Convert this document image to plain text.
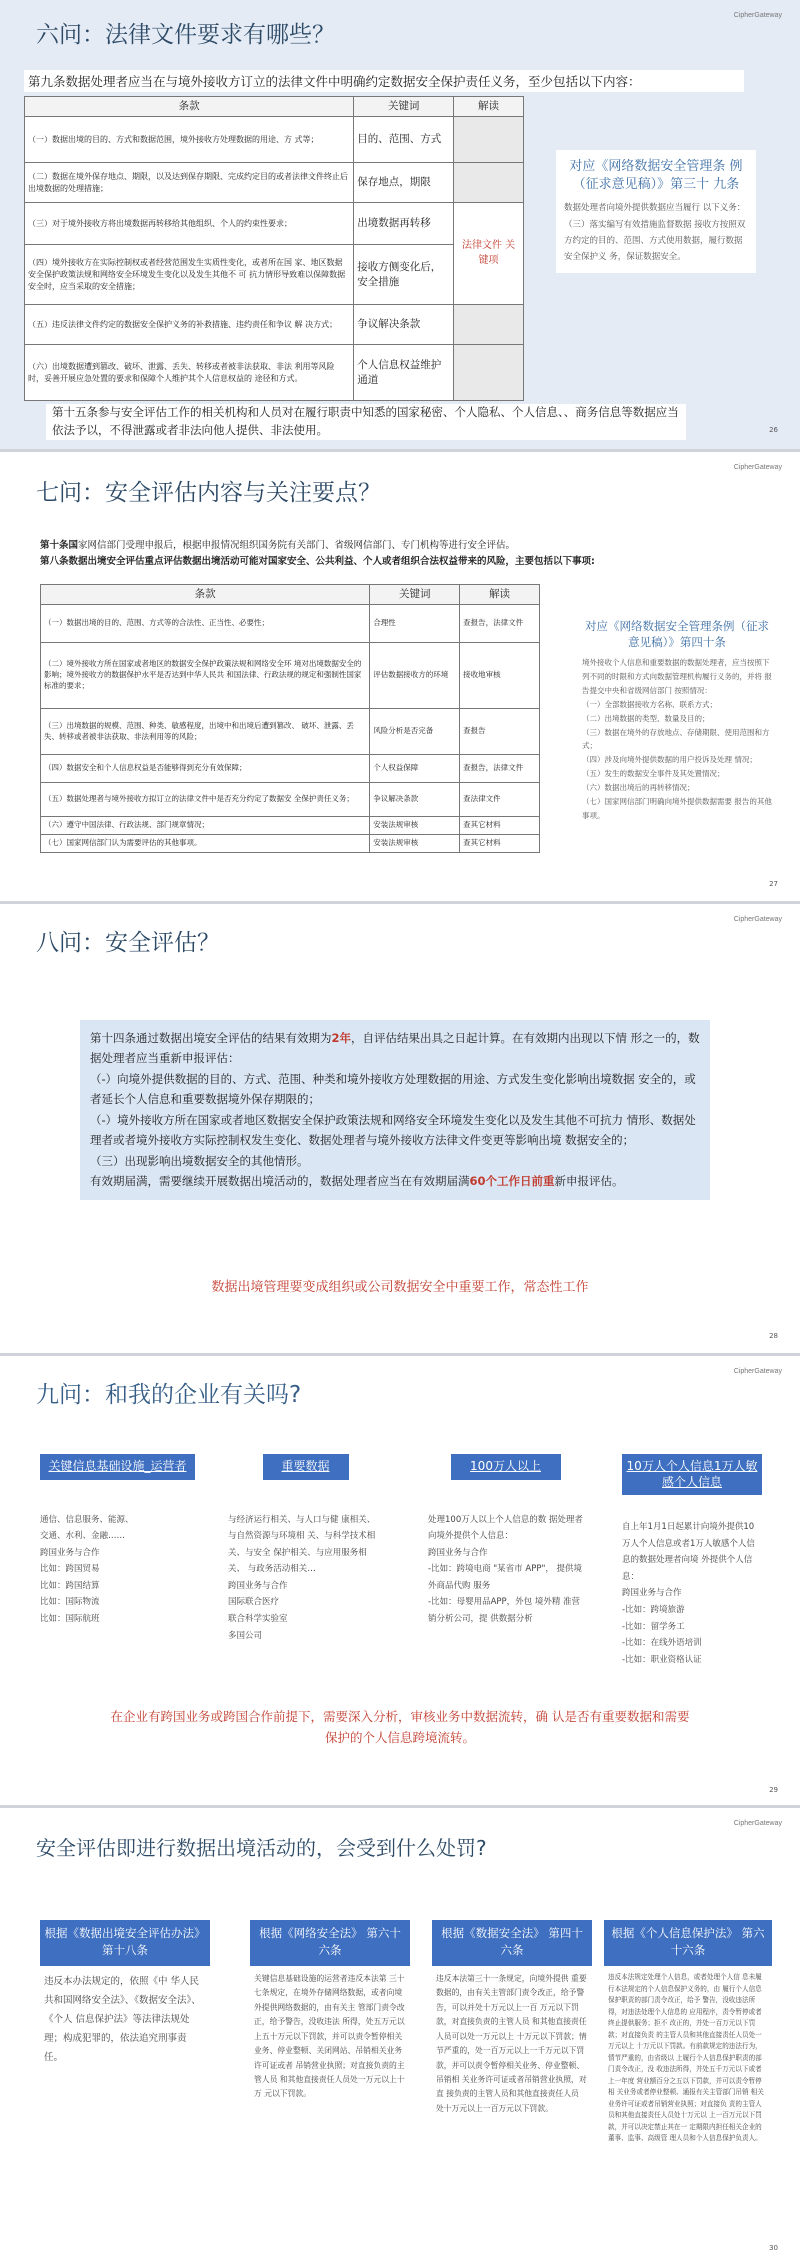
CipherGateway
六问：法律文件要求有哪些？
第九条数据处理者应当在与境外接收方订立的法律文件中明确约定数据安全保护责任义务，至少包括以下内容：
条款	关键词	解读
（一）数据出境的目的、方式和数据范围，境外接收方处理数据的用途、方 式等；	目的、范围、方式	
（二）数据在境外保存地点、期限，以及达到保存期限、完成约定目的或者法律文件终止后出境数据的处理措施；	保存地点，期限	
（三）对于境外接收方将出境数据再转移给其他组织、个人的约束性要求；	出境数据再转移	法律文件 关键项
（四）境外接收方在实际控制权或者经营范围发生实质性变化，或者所在国 家、地区数据安全保护政策法规和网络安全环境发生变化以及发生其他不 可 抗力情形导致难以保障数据安全时，应当采取的安全措施；	接收方侧变化后，安全措施	
（五）违反法律文件约定的数据安全保护义务的补救措施、违约责任和争议 解 决方式；	争议解决条款	
（六）出境数据遭到篡改、破坏、泄露、丢失、转移或者被非法获取、非法 利用等风险时，妥善开展应急处置的要求和保障个人维护其个人信息权益的 途径和方式。	个人信息权益维护通道	
对应《网络数据安全管理条 例（征求意见稿）》第三十 九条

数据处理者向境外提供数据应当履行 以下义务：

（三）落实编写有效措施监督数据 接收方按照双方约定的目的、范围、方式使用数据，履行数据安全保护义 务，保证数据安全。

第十五条参与安全评估工作的相关机构和人员对在履行职责中知悉的国家秘密、个人隐私、个人信息、、商务信息等数据应当依法予以，不得泄露或者非法向他人提供、非法使用。	26
CipherGateway
七问：安全评估内容与关注要点？
第十条国家网信部门受理申报后，根据申报情况组织国务院有关部门、省级网信部门、专门机构等进行安全评估。
第八条数据出境安全评估重点评估数据出境活动可能对国家安全、公共利益、个人或者组织合法权益带来的风险，主要包括以下事项:
条款	关键词	解读
（一）数据出境的目的、范围、方式等的合法性、正当性、必要性；	合理性	查报告，法律文件
（二）境外接收方所在国家或者地区的数据安全保护政策法规和网络安全环 境对出境数据安全的影响；境外接收方的数据保护水平是否达到中华人民共 和国法律、行政法规的规定和强制性国家标准的要求；	评估数据接收方的环境	接收地审核
（三）出境数据的规模、范围、种类、敏感程度，出境中和出境后遭到篡改、 破坏、泄露、丢失、转移或者被非法获取、非法利用等的风险；	风险分析是否完备	查报告
（四）数据安全和个人信息权益是否能够得到充分有效保障；	个人权益保障	查报告，法律文件
（五）数据处理者与境外接收方拟订立的法律文件中是否充分约定了数据安 全保护责任义务；	争议解决条款	查法律文件
（六）遵守中国法律、行政法规、部门规章情况；	安装法规审核	查其它材料
（七）国家网信部门认为需要评估的其他事项。	安装法规审核	查其它材料
对应《网络数据安全管理条例（征求意见稿）》第四十条

境外接收个人信息和重要数据的数据处理者，应当按照下列不同的时限和方式向数据管理机构履行义务的，并将 报告提交中央和省级网信部门 按照情况：

（一）全部数据接收方名称、联系方式；

（二）出境数据的类型、数量及目的；

（三）数据在境外的存放地点、存储期限、使用范围和方式；

（四）涉及向境外提供数据的用户投诉及处理 情况；

（五）发生的数据安全事件及其处置情况；

（六）数据出境后的再转移情况；

（七）国家网信部门明确向境外提供数据需要 报告的其他事项。

27
CipherGateway
八问：安全评估？

第十四条通过数据出境安全评估的结果有效期为2年，自评估结果出具之日起计算。在有效期内出现以下情 形之一的，数据处理者应当重新申报评估：

（-）向境外提供数据的目的、方式、范围、种类和境外接收方处理数据的用途、方式发生变化影响出境数据 安全的，或者延长个人信息和重要数据境外保存期限的；

（-）境外接收方所在国家或者地区数据安全保护政策法规和网络安全环境发生变化以及发生其他不可抗力 情形、数据处理者或者境外接收方实际控制权发生变化、数据处理者与境外接收方法律文件变更等影响出境 数据安全的；

（三）出现影响出境数据安全的其他情形。

有效期届满，需要继续开展数据出境活动的，数据处理者应当在有效期届满60个工作日前重新申报评估。

数据出境管理要变成组织或公司数据安全中重要工作，常态性工作
28
CipherGateway
九问：和我的企业有关吗?
关键信息基础设施_运营者

通信、信息服务、能源、

交通、水利、金融……

跨国业务与合作

比如：跨国贸易

比如：跨国结算

比如：国际物流

比如：国际航班

重要数据

与经济运行相关、与人口与健 康相关、与自然资源与环境相 关、与科学技术相关、与安全 保护相关、与应用服务相关、 与政务活动相关…

跨国业务与合作

国际联合医疗

联合科学实验室

多国公司

100万人以上

处理100万人以上个人信息的数 据处理者向境外提供个人信息：

跨国业务与合作

-比如：跨境电商 "某省市 APP"， 提供境外商品代购 服务

-比如：母婴用品APP，外包 境外精 准营销分析公司，提 供数据分析

10万人个人信息1万人敏感个人信息

自上年1月1日起累计向境外提供10万人个人信息或者1万人敏感个人信息的数据处理者向境 外提供个人信息：

跨国业务与合作

-比如：跨境旅游

-比如：留学务工

-比如：在线外语培训

-比如：职业资格认证

在企业有跨国业务或跨国合作前提下，需要深入分析，审核业务中数据流转，确 认是否有重要数据和需要保护的个人信息跨境流转。
29
CipherGateway
安全评估即进行数据出境活动的，会受到什么处罚?
根据《数据出境安全评估办法》 第十八条
违反本办法规定的，依照《中 华人民共和国网络安全法》、《数据安全法》、《个人 信息保护法》等法律法规处理；构成犯罪的，依法追究刑事责 任。
根据《网络安全法》 第六十六条
关键信息基础设施的运营者违反本法第 三十七条规定，在境外存储网络数据，或者向境外提供网络数据的，由有关主 管部门责令改正，给予警告，没收违法 所得，处五万元以上五十万元以下罚款，并可以责令暂停相关业务、停业整顿、关闭网站、吊销相关业务许可证或者 吊销营业执照；对直接负责的主管人员 和其他直接责任人员处一万元以上十万 元以下罚款。
根据《数据安全法》 第四十六条
违反本法第三十一条规定，向境外提供 重要数据的，由有关主管部门责令改正，给予警告，可以并处十万元以上一百 万元以下罚款，对直接负责的主管人员 和其他直接责任人员可以处一万元以上 十万元以下罚款；情节严重的，处一百万元以上一千万元以下罚款，并可以责令暂停相关业务、停业整顿、吊销相 关业务许可证或者吊销营业执照，对直 接负责的主管人员和其他直接责任人员 处十万元以上一百万元以下罚款。
根据《个人信息保护法》 第六十六条
违反本法规定处理个人信息，或者处理个人信 息未履行本法规定的个人信息保护义务的，由 履行个人信息保护职责的部门责令改正，给予 警告，没收违法所得，对违法处理个人信息的 应用程序，责令暂停或者终止提供服务；拒不 改正的，并处一百万元以下罚款；对直接负责 的主管人员和其他直接责任人员处一万元以上 十万元以下罚款。有前款规定的违法行为，情节严重的，由省级以 上履行个人信息保护职责的部门责令改正，没 收违法所得，并处五千万元以下或者上一年度 营业额百分之五以下罚款，并可以责令暂停相 关业务或者停业整顿、通报有关主管部门吊销 相关业务许可证或者吊销营业执照；对直接负 责的主管人员和其他直接责任人员处十万元以 上一百万元以下罚款，并可以决定禁止其在一 定期限内担任相关企业的董事、监事、高级管 理人员和个人信息保护负责人。
30
